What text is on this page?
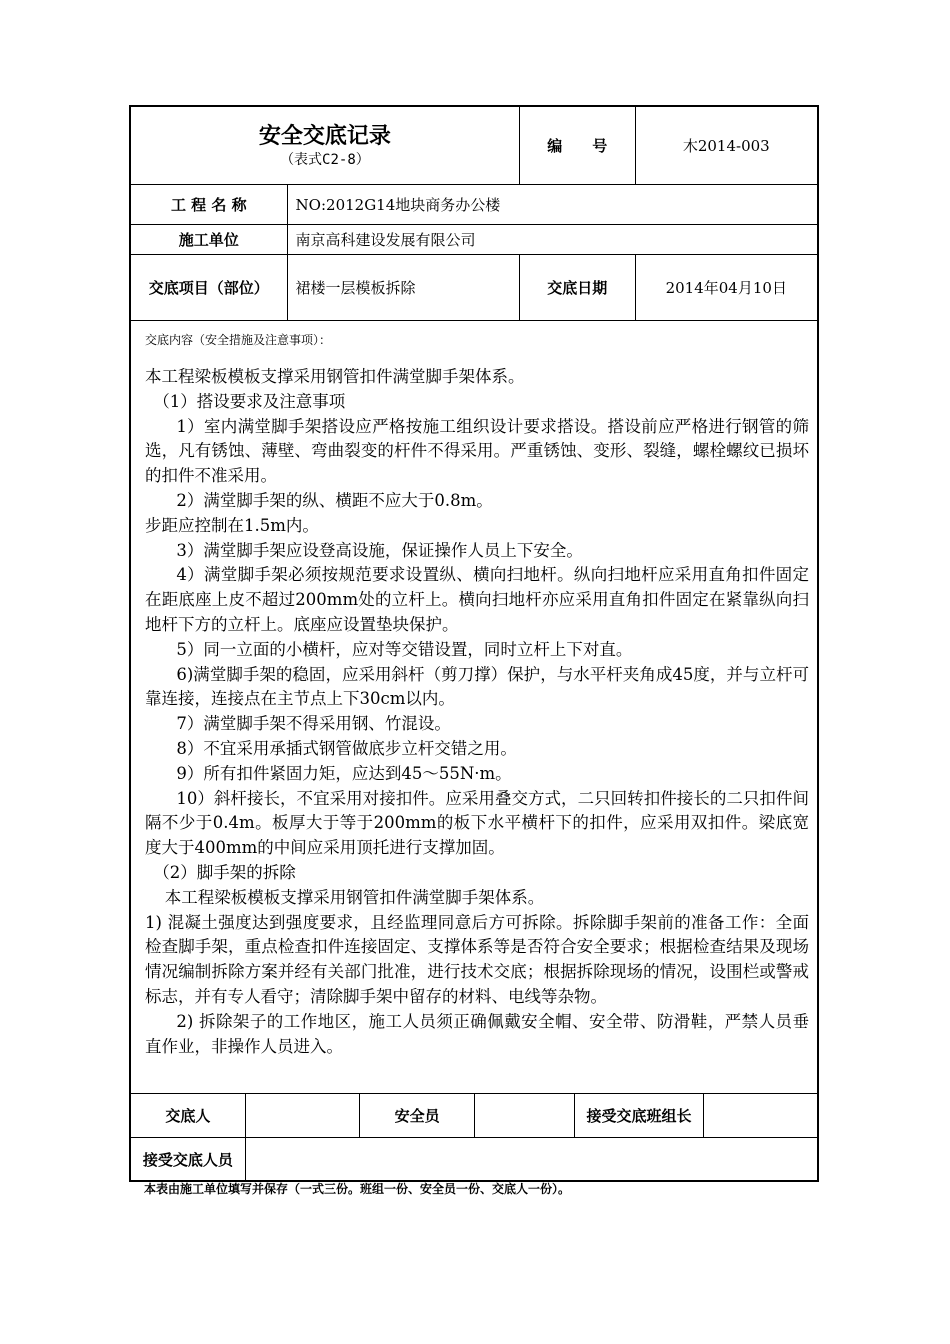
安全交底记录
（表式C2-8）
编　　号	木2014-003
工 程 名 称	NO:2012G14地块商务办公楼
施工单位	南京高科建设发展有限公司
交底项目（部位）	裙楼一层模板拆除	交底日期	2014年04月10日
交底内容（安全措施及注意事项）：

本工程梁板模板支撑采用钢管扣件满堂脚手架体系。

（1）搭设要求及注意事项

1）室内满堂脚手架搭设应严格按施工组织设计要求搭设。搭设前应严格进行钢管的筛选，凡有锈蚀、薄壁、弯曲裂变的杆件不得采用。严重锈蚀、变形、裂缝，螺栓螺纹已损坏的扣件不准采用。

2）满堂脚手架的纵、横距不应大于0.8m。

步距应控制在1.5m内。

3）满堂脚手架应设登高设施，保证操作人员上下安全。

4）满堂脚手架必须按规范要求设置纵、横向扫地杆。纵向扫地杆应采用直角扣件固定在距底座上皮不超过200mm处的立杆上。横向扫地杆亦应采用直角扣件固定在紧靠纵向扫地杆下方的立杆上。底座应设置垫块保护。

5）同一立面的小横杆，应对等交错设置，同时立杆上下对直。

6)满堂脚手架的稳固，应采用斜杆（剪刀撑）保护，与水平杆夹角成45度，并与立杆可靠连接，连接点在主节点上下30cm以内。

7）满堂脚手架不得采用钢、竹混设。

8）不宜采用承插式钢管做底步立杆交错之用。

9）所有扣件紧固力矩，应达到45～55N·m。

10）斜杆接长，不宜采用对接扣件。应采用叠交方式，二只回转扣件接长的二只扣件间隔不少于0.4m。板厚大于等于200mm的板下水平横杆下的扣件，应采用双扣件。梁底宽度大于400mm的中间应采用顶托进行支撑加固。

（2）脚手架的拆除

本工程梁板模板支撑采用钢管扣件满堂脚手架体系。

1) 混凝土强度达到强度要求，且经监理同意后方可拆除。拆除脚手架前的准备工作：全面检查脚手架，重点检查扣件连接固定、支撑体系等是否符合安全要求；根据检查结果及现场情况编制拆除方案并经有关部门批准，进行技术交底；根据拆除现场的情况，设围栏或警戒标志，并有专人看守；清除脚手架中留存的材料、电线等杂物。

2) 拆除架子的工作地区，施工人员须正确佩戴安全帽、安全带、防滑鞋，严禁人员垂直作业，非操作人员进入。

交底人	安全员	接受交底班组长
接受交底人员
本表由施工单位填写并保存（一式三份。班组一份、安全员一份、交底人一份）。
